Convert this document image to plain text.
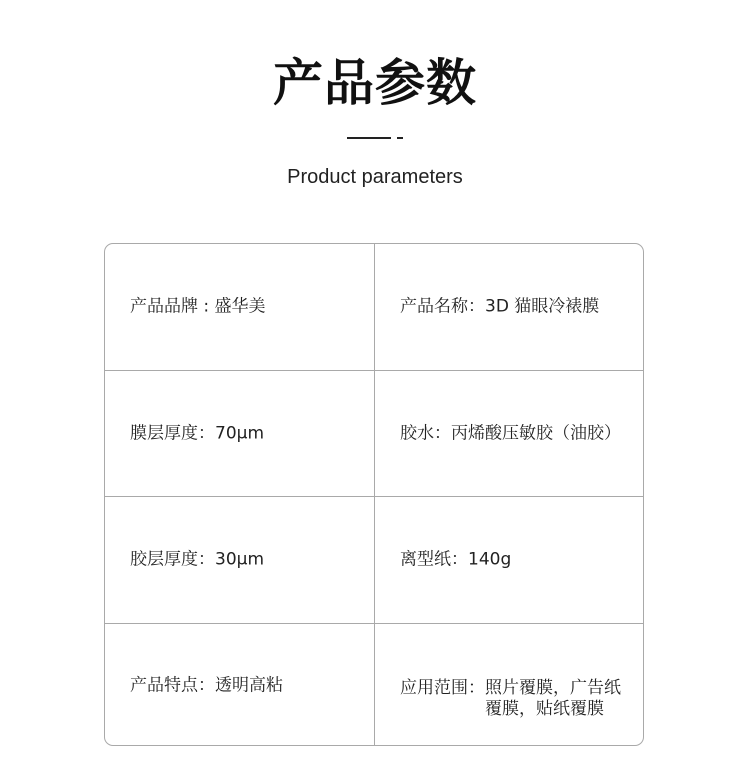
产品参数
Product parameters
产品品牌 : 盛华美	产品名称：3D 猫眼冷裱膜
膜层厚度：70μm	胶水：丙烯酸压敏胶（油胶）
胶层厚度：30μm	离型纸：140g
产品特点：透明高粘	应用范围： 照片覆膜，广告纸覆膜，贴纸覆膜
